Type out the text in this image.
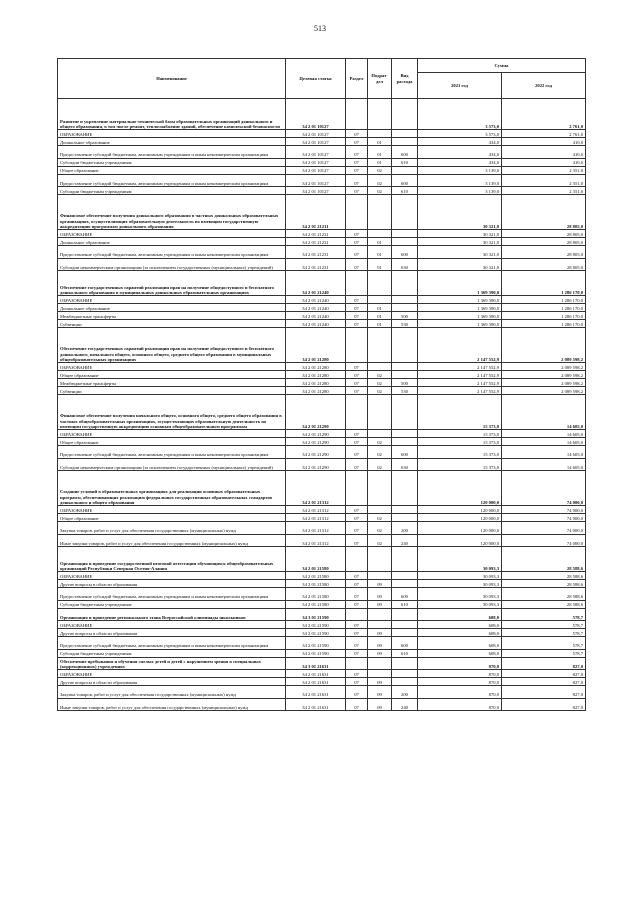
513
Наименование	Целевая статья	Раздел	Подраз-дел	Вид расхода	Сумма	
					2021 год	2022 год
Развитие и укрепление материально-технической базы образовательных организаций дошкольного и общего образования, в том числе ремонт, теплоснабжение зданий, обеспечение комплексной безопасности	34 2 01 10127				3 573,0	2 761,0
ОБРАЗОВАНИЕ	34 2 01 10127	07			3 573,0	2 761,0
Дошкольное образование	34 2 01 10127	07	01		434,0	410,0
Предоставление субсидий бюджетным, автономным учреждениям и иным некоммерческим организациям	34 2 01 10127	07	01	600	434,0	410,0
Субсидии бюджетным учреждениям	34 2 01 10127	07	01	610	434,0	410,0
Общее образование	34 2 01 10127	07	02		3 139,0	2 351,0
Предоставление субсидий бюджетным, автономным учреждениям и иным некоммерческим организациям	34 2 01 10127	07	02	600	3 139,0	2 351,0
Субсидии бюджетным учреждениям	34 2 01 10127	07	02	610	3 139,0	2 351,0
Финансовое обеспечение получения дошкольного образования в частных дошкольных образовательных организациях, осуществляющих образовательную деятельность по имеющим государственную аккредитацию программам дошкольного образования	34 2 01 21231				30 321,0	28 805,0
ОБРАЗОВАНИЕ	34 2 01 21231	07			30 321,0	28 805,0
Дошкольное образование	34 2 01 21231	07	01		30 321,0	28 805,0
Предоставление субсидий бюджетным, автономным учреждениям и иным некоммерческим организациям	34 2 01 21231	07	01	600	30 321,0	28 805,0
Субсидии некоммерческим организациям (за исключением государственных (муниципальных) учреждений)	34 2 01 21231	07	01	630	30 321,0	28 805,0
Обеспечение государственных гарантий реализации прав на получение общедоступного и бесплатного дошкольного образования в муниципальных дошкольных образовательных организациях	34 2 01 21240				1 369 390,0	1 286 170,0
ОБРАЗОВАНИЕ	34 2 01 21240	07			1 369 390,0	1 286 170,0
Дошкольное образование	34 2 01 21240	07	01		1 369 390,0	1 286 170,0
Межбюджетные трансферты	34 2 01 21240	07	01	500	1 369 390,0	1 286 170,0
Субвенции	34 2 01 21240	07	01	530	1 369 390,0	1 286 170,0
Обеспечение государственных гарантий реализации прав на получение общедоступного и бесплатного дошкольного, начального общего, основного общего, среднего общего образования в муниципальных общеобразовательных организациях	34 2 01 21280				2 147 552,9	2 089 598,2
ОБРАЗОВАНИЕ	34 2 01 21280	07			2 147 552,9	2 089 598,2
Общее образование	34 2 01 21280	07	02		2 147 552,9	2 089 598,2
Межбюджетные трансферты	34 2 01 21280	07	02	500	2 147 552,9	2 089 598,2
Субвенции	34 2 01 21280	07	02	530	2 147 552,9	2 089 598,2
Финансовое обеспечение получения начального общего, основного общего, среднего общего образования в частных общеобразовательных организациях, осуществляющих образовательную деятельность по имеющим государственную аккредитацию основным общеобразовательным программам	34 2 01 21290				15 373,0	14 605,0
ОБРАЗОВАНИЕ	34 2 01 21290	07			15 373,0	14 605,0
Общее образование	34 2 01 21290	07	02		15 373,0	14 605,0
Предоставление субсидий бюджетным, автономным учреждениям и иным некоммерческим организациям	34 2 01 21290	07	02	600	15 373,0	14 605,0
Субсидии некоммерческим организациям (за исключением государственных (муниципальных) учреждений)	34 2 01 21290	07	02	630	15 373,0	14 605,0
Создание условий в образовательных организациях для реализации основных образовательных программ, обеспечивающих реализацию федеральных государственных образовательных стандартов дошкольного и общего образования	34 2 01 21312				120 000,0	74 000,0
ОБРАЗОВАНИЕ	34 2 01 21312	07			120 000,0	74 000,0
Общее образование	34 2 01 21312	07	02		120 000,0	74 000,0
Закупка товаров, работ и услуг для обеспечения государственных (муниципальных) нужд	34 2 01 21312	07	02	200	120 000,0	74 000,0
Иные закупки товаров, работ и услуг для обеспечения государственных (муниципальных) нужд	34 2 01 21312	07	02	240	120 000,0	74 000,0
Организация и проведение государственной итоговой аттестации обучающихся общеобразовательных организаций Республики Северная Осетия-Алания	34 2 01 21580				30 093,3	28 588,6
ОБРАЗОВАНИЕ	34 2 01 21580	07			30 093,3	28 588,6
Другие вопросы в области образования	34 2 01 21580	07	09		30 093,3	28 588,6
Предоставление субсидий бюджетным, автономным учреждениям и иным некоммерческим организациям	34 2 01 21580	07	09	600	30 093,3	28 588,6
Субсидии бюджетным учреждениям	34 2 01 21580	07	09	610	30 093,3	28 588,6
Организация и проведение регионального этапа Всероссийской олимпиады школьников	34 3 01 21590				608,0	578,7
ОБРАЗОВАНИЕ	34 2 01 21590	07			608,0	578,7
Другие вопросы в области образования	34 2 01 21590	07	09		608,0	578,7
Предоставление субсидий бюджетным, автономным учреждениям и иным некоммерческим организациям	34 2 01 21590	07	09	600	608,0	578,7
Субсидии бюджетным учреждениям	34 2 01 21590	07	09	610	608,0	578,7
Обеспечение пребывания и обучения спелых детей и детей с нарушением зрения в специальных (коррекционных) учреждениях	34 3 01 21631				870,0	827,0
ОБРАЗОВАНИЕ	34 2 01 21631	07			870,0	827,0
Другие вопросы в области образования	34 2 01 21631	07	09		870,0	827,0
Закупка товаров, работ и услуг для обеспечения государственных (муниципальных) нужд	34 2 01 21631	07	09	200	870,0	827,0
Иные закупки товаров, работ и услуг для обеспечения государственных (муниципальных) нужд	34 2 01 21631	07	09	240	870,0	827,0
